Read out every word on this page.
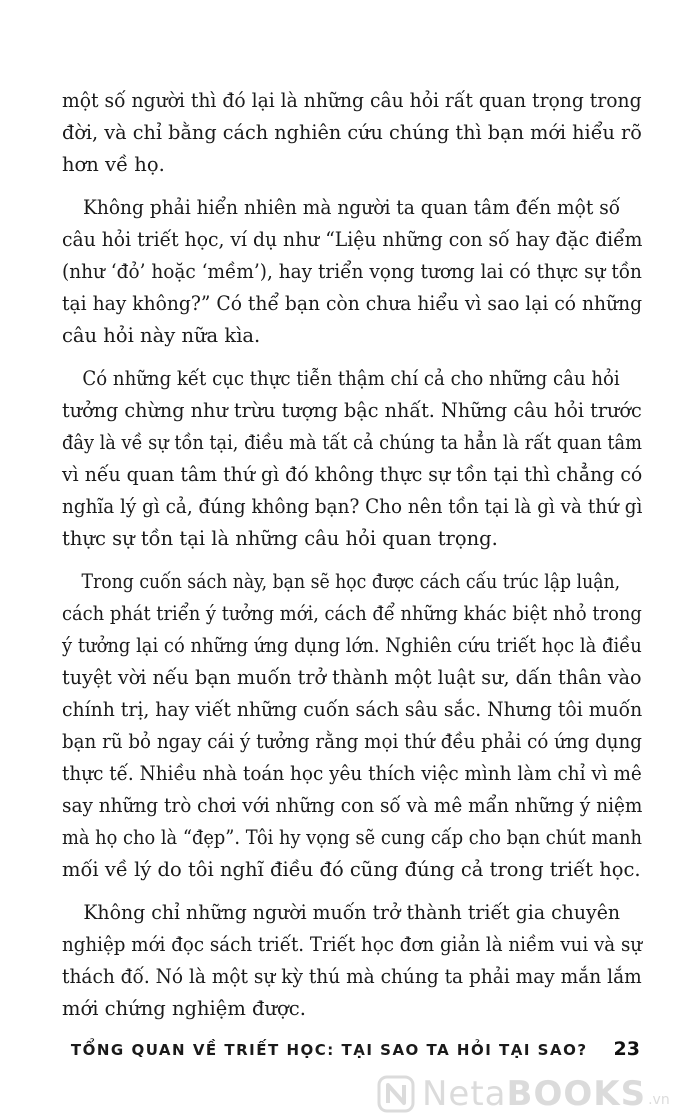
một số người thì đó lại là những câu hỏi rất quan trọng trong
đời, và chỉ bằng cách nghiên cứu chúng thì bạn mới hiểu rõ
hơn về họ.

Không phải hiển nhiên mà người ta quan tâm đến một số
câu hỏi triết học, ví dụ như “Liệu những con số hay đặc điểm
(như ‘đỏ’ hoặc ‘mềm’), hay triển vọng tương lai có thực sự tồn
tại hay không?” Có thể bạn còn chưa hiểu vì sao lại có những
câu hỏi này nữa kìa.

Có những kết cục thực tiễn thậm chí cả cho những câu hỏi
tưởng chừng như trừu tượng bậc nhất. Những câu hỏi trước
đây là về sự tồn tại, điều mà tất cả chúng ta hẳn là rất quan tâm
vì nếu quan tâm thứ gì đó không thực sự tồn tại thì chẳng có
nghĩa lý gì cả, đúng không bạn? Cho nên tồn tại là gì và thứ gì
thực sự tồn tại là những câu hỏi quan trọng.

Trong cuốn sách này, bạn sẽ học được cách cấu trúc lập luận,
cách phát triển ý tưởng mới, cách để những khác biệt nhỏ trong
ý tưởng lại có những ứng dụng lớn. Nghiên cứu triết học là điều
tuyệt vời nếu bạn muốn trở thành một luật sư, dấn thân vào
chính trị, hay viết những cuốn sách sâu sắc. Nhưng tôi muốn
bạn rũ bỏ ngay cái ý tưởng rằng mọi thứ đều phải có ứng dụng
thực tế. Nhiều nhà toán học yêu thích việc mình làm chỉ vì mê
say những trò chơi với những con số và mê mẩn những ý niệm
mà họ cho là “đẹp”. Tôi hy vọng sẽ cung cấp cho bạn chút manh
mối về lý do tôi nghĩ điều đó cũng đúng cả trong triết học.

Không chỉ những người muốn trở thành triết gia chuyên
nghiệp mới đọc sách triết. Triết học đơn giản là niềm vui và sự
thách đố. Nó là một sự kỳ thú mà chúng ta phải may mắn lắm
mới chứng nghiệm được.

TỔNG QUAN VỀ TRIẾT HỌC: TẠI SAO TA HỎI TẠI SAO? 23
NetaBOOKS .vn
